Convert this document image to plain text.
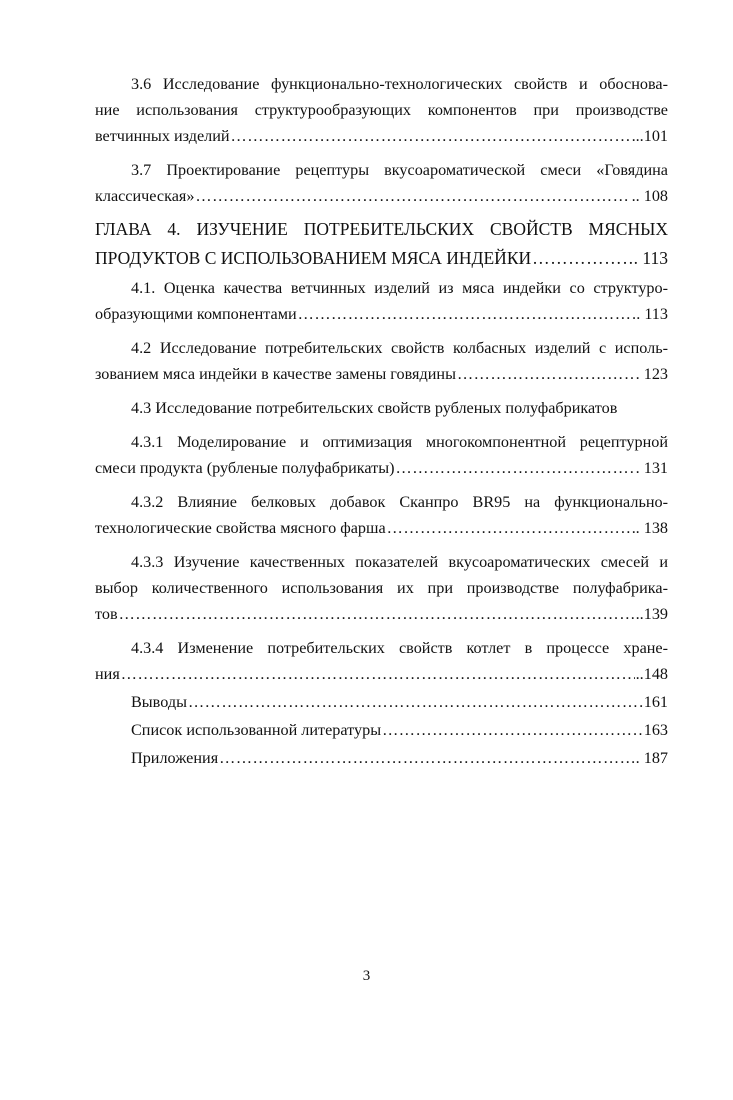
3.6 Исследование функционально-технологических свойств и обоснова-
ние использования структурообразующих компонентов при производстве
ветчинных изделий ………………………………………………………………………………………………………………………………………………………………………………………………	..101
3.7 Проектирование рецептуры вкусоароматической смеси «Говядина
классическая» ………………………………………………………………………………………………………………………………………………………………………………………………	.. 108
ГЛАВА 4. ИЗУЧЕНИЕ ПОТРЕБИТЕЛЬСКИХ СВОЙСТВ МЯСНЫХ
ПРОДУКТОВ С ИСПОЛЬЗОВАНИЕМ МЯСА ИНДЕЙКИ ………………………………………………………………………………………………………………………………………………………………………………………………	. 113
4.1. Оценка качества ветчинных изделий из мяса индейки со структуро-
образующими компонентами ………………………………………………………………………………………………………………………………………………………………………………………………	. 113
4.2 Исследование потребительских свойств колбасных изделий с исполь-
зованием мяса индейки в качестве замены говядины ………………………………………………………………………………………………………………………………………………………………………………………………	. 123
4.3 Исследование потребительских свойств рубленых полуфабрикатов
4.3.1 Моделирование и оптимизация многокомпонентной рецептурной
смеси продукта (рубленые полуфабрикаты) ………………………………………………………………………………………………………………………………………………………………………………………………	. 131
4.3.2 Влияние белковых добавок Сканпро BR95 на функционально-
технологические свойства мясного фарша ………………………………………………………………………………………………………………………………………………………………………………………………	. 138
4.3.3 Изучение качественных показателей вкусоароматических смесей и
выбор количественного использования их при производстве полуфабрика-
тов ………………………………………………………………………………………………………………………………………………………………………………………………	..139
4.3.4 Изменение потребительских свойств котлет в процессе хране-
ния ………………………………………………………………………………………………………………………………………………………………………………………………	..148
Выводы ………………………………………………………………………………………………………………………………………………………………………………………………	161
Список использованной литературы ………………………………………………………………………………………………………………………………………………………………………………………………	163
Приложения ………………………………………………………………………………………………………………………………………………………………………………………………	. 187
3
